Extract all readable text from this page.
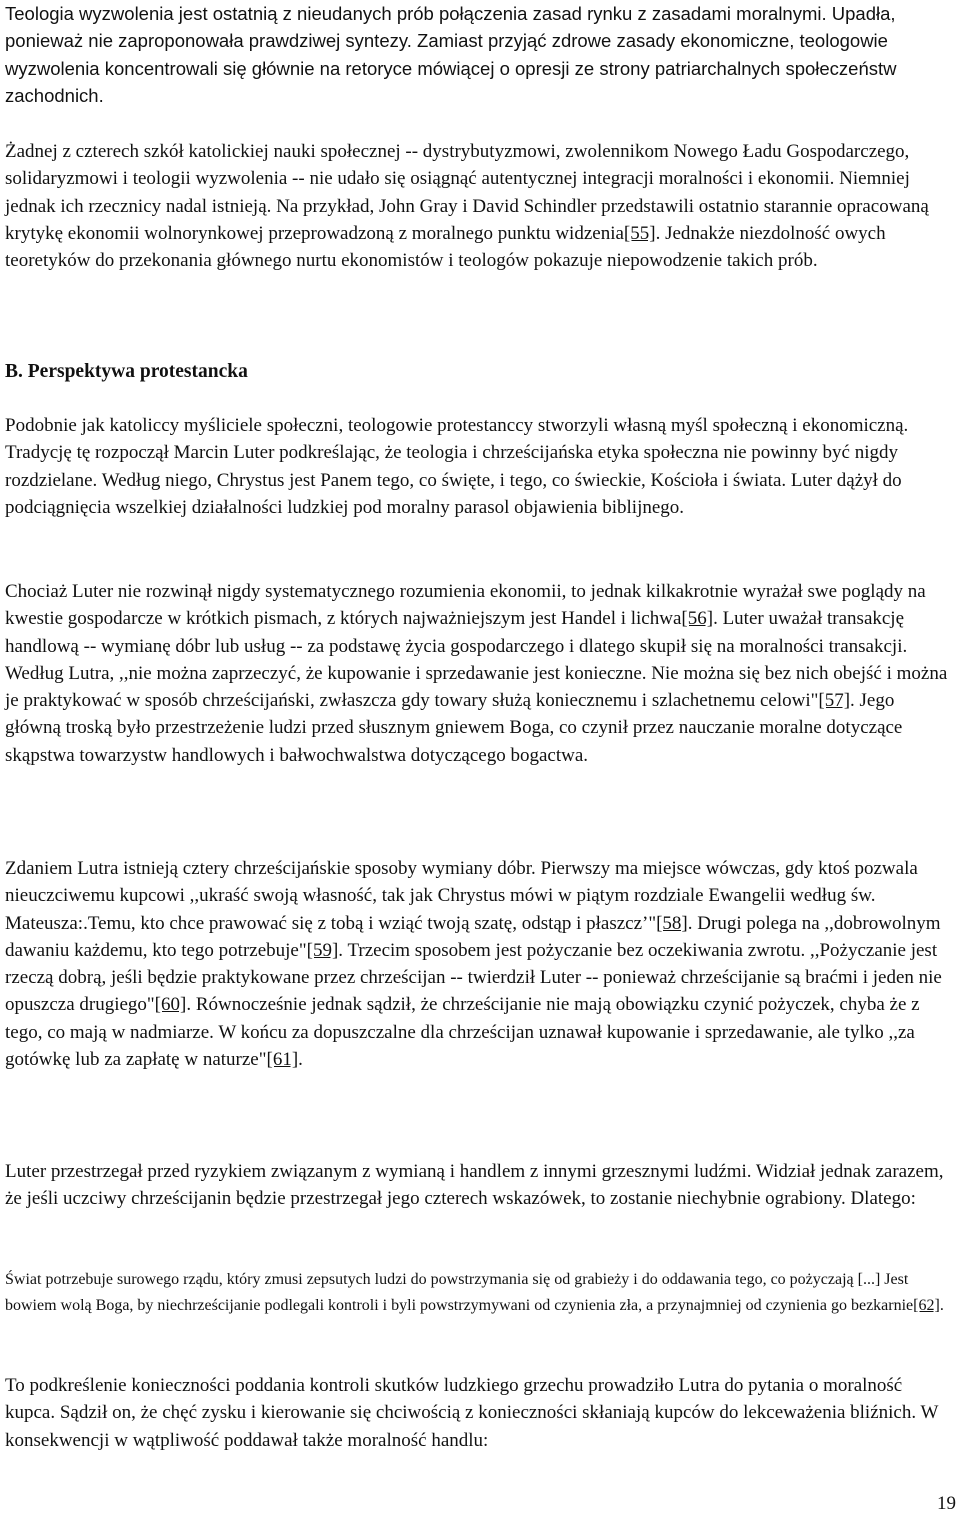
Teologia wyzwolenia jest ostatnią z nieudanych prób połączenia zasad rynku z zasadami moralnymi. Upadła, ponieważ nie zaproponowała prawdziwej syntezy. Zamiast przyjąć zdrowe zasady ekonomiczne, teologowie wyzwolenia koncentrowali się głównie na retoryce mówiącej o opresji ze strony patriarchalnych społeczeństw zachodnich.

Żadnej z czterech szkół katolickiej nauki społecznej -- dystrybutyzmowi, zwolennikom Nowego Ładu Gospodarczego, solidaryzmowi i teologii wyzwolenia -- nie udało się osiągnąć autentycznej integracji moralności i ekonomii. Niemniej jednak ich rzecznicy nadal istnieją. Na przykład, John Gray i David Schindler przedstawili ostatnio starannie opracowaną krytykę ekonomii wolnorynkowej przeprowadzoną z moralnego punktu widzenia[55]. Jednakże niezdolność owych teoretyków do przekonania głównego nurtu ekonomistów i teologów pokazuje niepowodzenie takich prób.

B. Perspektywa protestancka

Podobnie jak katoliccy myśliciele społeczni, teologowie protestanccy stworzyli własną myśl społeczną i ekonomiczną. Tradycję tę rozpoczął Marcin Luter podkreślając, że teologia i chrześcijańska etyka społeczna nie powinny być nigdy rozdzielane. Według niego, Chrystus jest Panem tego, co święte, i tego, co świeckie, Kościoła i świata. Luter dążył do podciągnięcia wszelkiej działalności ludzkiej pod moralny parasol objawienia biblijnego.

Chociaż Luter nie rozwinął nigdy systematycznego rozumienia ekonomii, to jednak kilkakrotnie wyrażał swe poglądy na kwestie gospodarcze w krótkich pismach, z których najważniejszym jest Handel i lichwa[56]. Luter uważał transakcję handlową -- wymianę dóbr lub usług -- za podstawę życia gospodarczego i dlatego skupił się na moralności transakcji. Według Lutra, ,,nie można zaprzeczyć, że kupowanie i sprzedawanie jest konieczne. Nie można się bez nich obejść i można je praktykować w sposób chrześcijański, zwłaszcza gdy towary służą koniecznemu i szlachetnemu celowi"[57]. Jego główną troską było przestrzeżenie ludzi przed słusznym gniewem Boga, co czynił przez nauczanie moralne dotyczące skąpstwa towarzystw handlowych i bałwochwalstwa dotyczącego bogactwa.

Zdaniem Lutra istnieją cztery chrześcijańskie sposoby wymiany dóbr. Pierwszy ma miejsce wówczas, gdy ktoś pozwala nieuczciwemu kupcowi ,,ukraść swoją własność, tak jak Chrystus mówi w piątym rozdziale Ewangelii według św. Mateusza:.Temu, kto chce prawować się z tobą i wziąć twoją szatę, odstąp i płaszcz’"[58]. Drugi polega na ,,dobrowolnym dawaniu każdemu, kto tego potrzebuje"[59]. Trzecim sposobem jest pożyczanie bez oczekiwania zwrotu. ,,Pożyczanie jest rzeczą dobrą, jeśli będzie praktykowane przez chrześcijan -- twierdził Luter -- ponieważ chrześcijanie są braćmi i jeden nie opuszcza drugiego"[60]. Równocześnie jednak sądził, że chrześcijanie nie mają obowiązku czynić pożyczek, chyba że z tego, co mają w nadmiarze. W końcu za dopuszczalne dla chrześcijan uznawał kupowanie i sprzedawanie, ale tylko ,,za gotówkę lub za zapłatę w naturze"[61].

Luter przestrzegał przed ryzykiem związanym z wymianą i handlem z innymi grzesznymi ludźmi. Widział jednak zarazem, że jeśli uczciwy chrześcijanin będzie przestrzegał jego czterech wskazówek, to zostanie niechybnie ograbiony. Dlatego:

Świat potrzebuje surowego rządu, który zmusi zepsutych ludzi do powstrzymania się od grabieży i do oddawania tego, co pożyczają [...] Jest bowiem wolą Boga, by niechrześcijanie podlegali kontroli i byli powstrzymywani od czynienia zła, a przynajmniej od czynienia go bezkarnie[62].

To podkreślenie konieczności poddania kontroli skutków ludzkiego grzechu prowadziło Lutra do pytania o moralność kupca. Sądził on, że chęć zysku i kierowanie się chciwością z konieczności skłaniają kupców do lekceważenia bliźnich. W konsekwencji w wątpliwość poddawał także moralność handlu:

19
